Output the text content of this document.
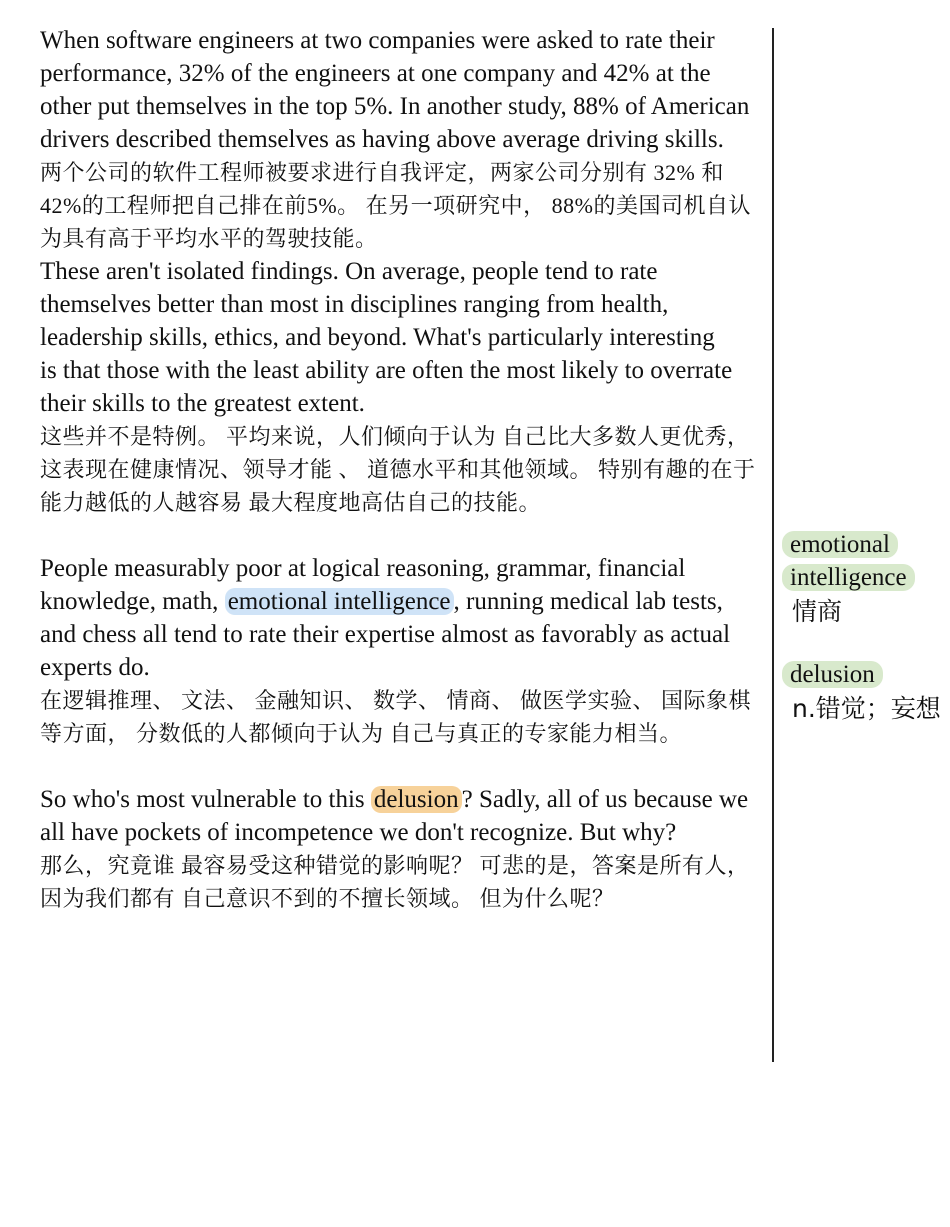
When software engineers at two companies were asked to rate their performance, 32% of the engineers at one company and 42% at the other put themselves in the top 5%. In another study, 88% of American drivers described themselves as having above average driving skills.

两个公司的软件工程师被要求进行自我评定，两家公司分别有 32% 和42%的工程师把自己排在前5%。 在另一项研究中， 88%的美国司机自认为具有高于平均水平的驾驶技能。

These aren't isolated findings. On average, people tend to rate themselves better than most in disciplines ranging from health, leadership skills, ethics, and beyond. What's particularly interesting

is that those with the least ability are often the most likely to overrate their skills to the greatest extent.

这些并不是特例。 平均来说，人们倾向于认为 自己比大多数人更优秀， 这表现在健康情况、领导才能 、 道德水平和其他领域。 特别有趣的在于 能力越低的人越容易 最大程度地高估自己的技能。

People measurably poor at logical reasoning, grammar, financial knowledge, math, emotional intelligence , running medical lab tests, and chess all tend to rate their expertise almost as favorably as actual experts do.

在逻辑推理、 文法、 金融知识、 数学、 情商、 做医学实验、 国际象棋等方面， 分数低的人都倾向于认为 自己与真正的专家能力相当。

So who's most vulnerable to this delusion ? Sadly, all of us because we all have pockets of incompetence we don't recognize. But why?

那么，究竟谁 最容易受这种错觉的影响呢？ 可悲的是，答案是所有人， 因为我们都有 自己意识不到的不擅长领域。 但为什么呢？

emotional intelligence
情商
delusion
n.错觉；妄想
